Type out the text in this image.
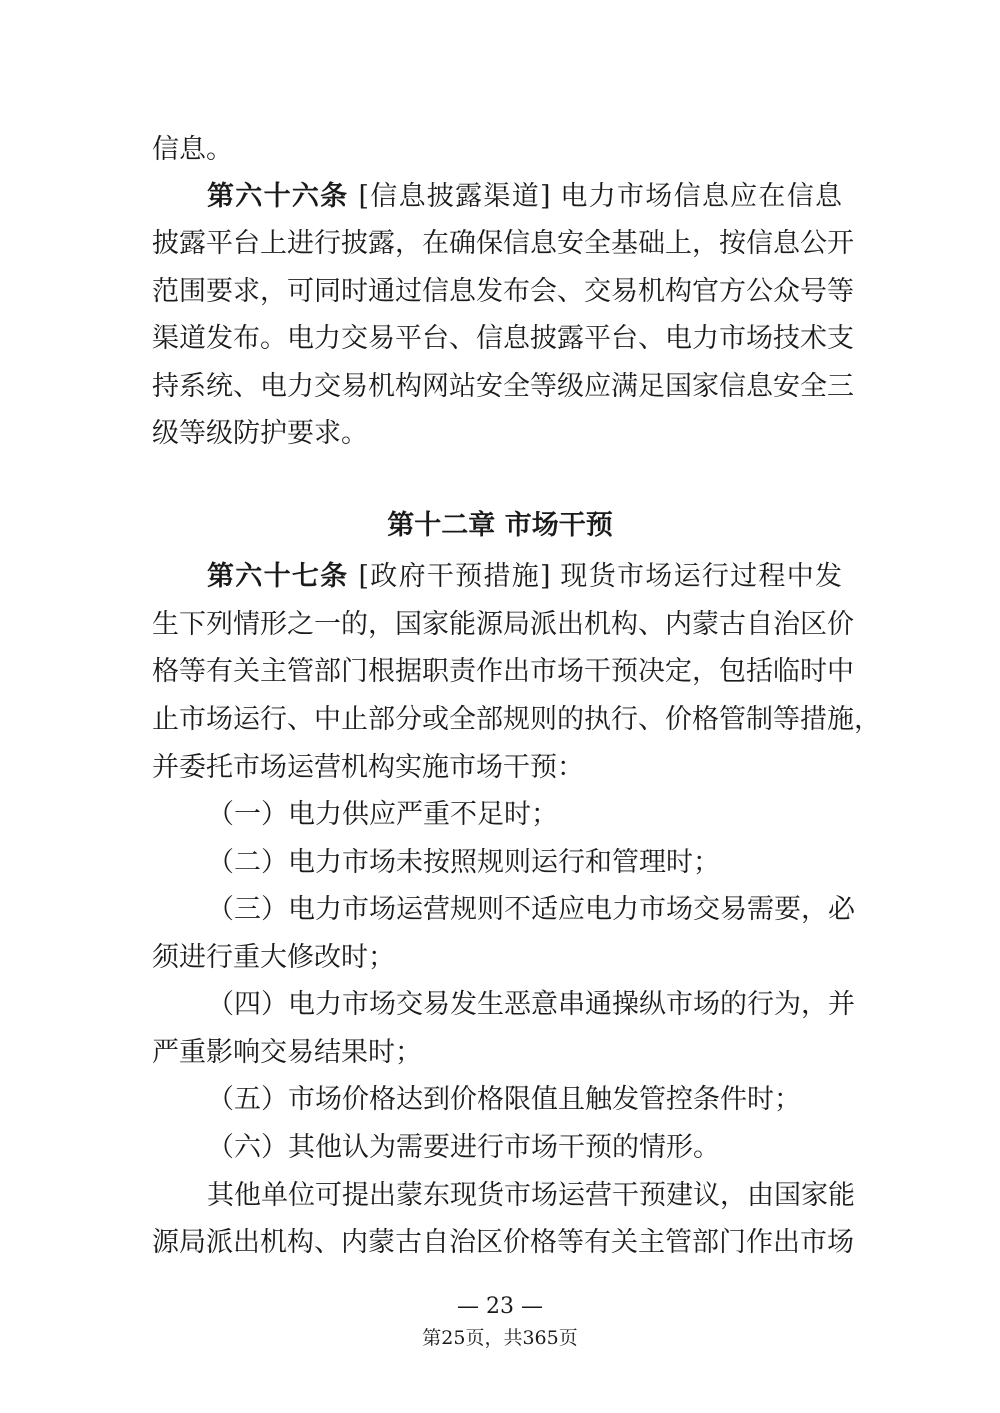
信息。
第六十六条 [信息披露渠道] 电力市场信息应在信息
披露平台上进行披露，在确保信息安全基础上，按信息公开
范围要求，可同时通过信息发布会、交易机构官方公众号等
渠道发布。电力交易平台、信息披露平台、电力市场技术支
持系统、电力交易机构网站安全等级应满足国家信息安全三
级等级防护要求。
第十二章 市场干预
第六十七条 [政府干预措施] 现货市场运行过程中发
生下列情形之一的，国家能源局派出机构、内蒙古自治区价
格等有关主管部门根据职责作出市场干预决定，包括临时中
止市场运行、中止部分或全部规则的执行、价格管制等措施，
并委托市场运营机构实施市场干预：
（一）电力供应严重不足时；
（二）电力市场未按照规则运行和管理时；
（三）电力市场运营规则不适应电力市场交易需要，必
须进行重大修改时；
（四）电力市场交易发生恶意串通操纵市场的行为，并
严重影响交易结果时；
（五）市场价格达到价格限值且触发管控条件时；
（六）其他认为需要进行市场干预的情形。
其他单位可提出蒙东现货市场运营干预建议，由国家能
源局派出机构、内蒙古自治区价格等有关主管部门作出市场
— 23 —
第25页，共365页
